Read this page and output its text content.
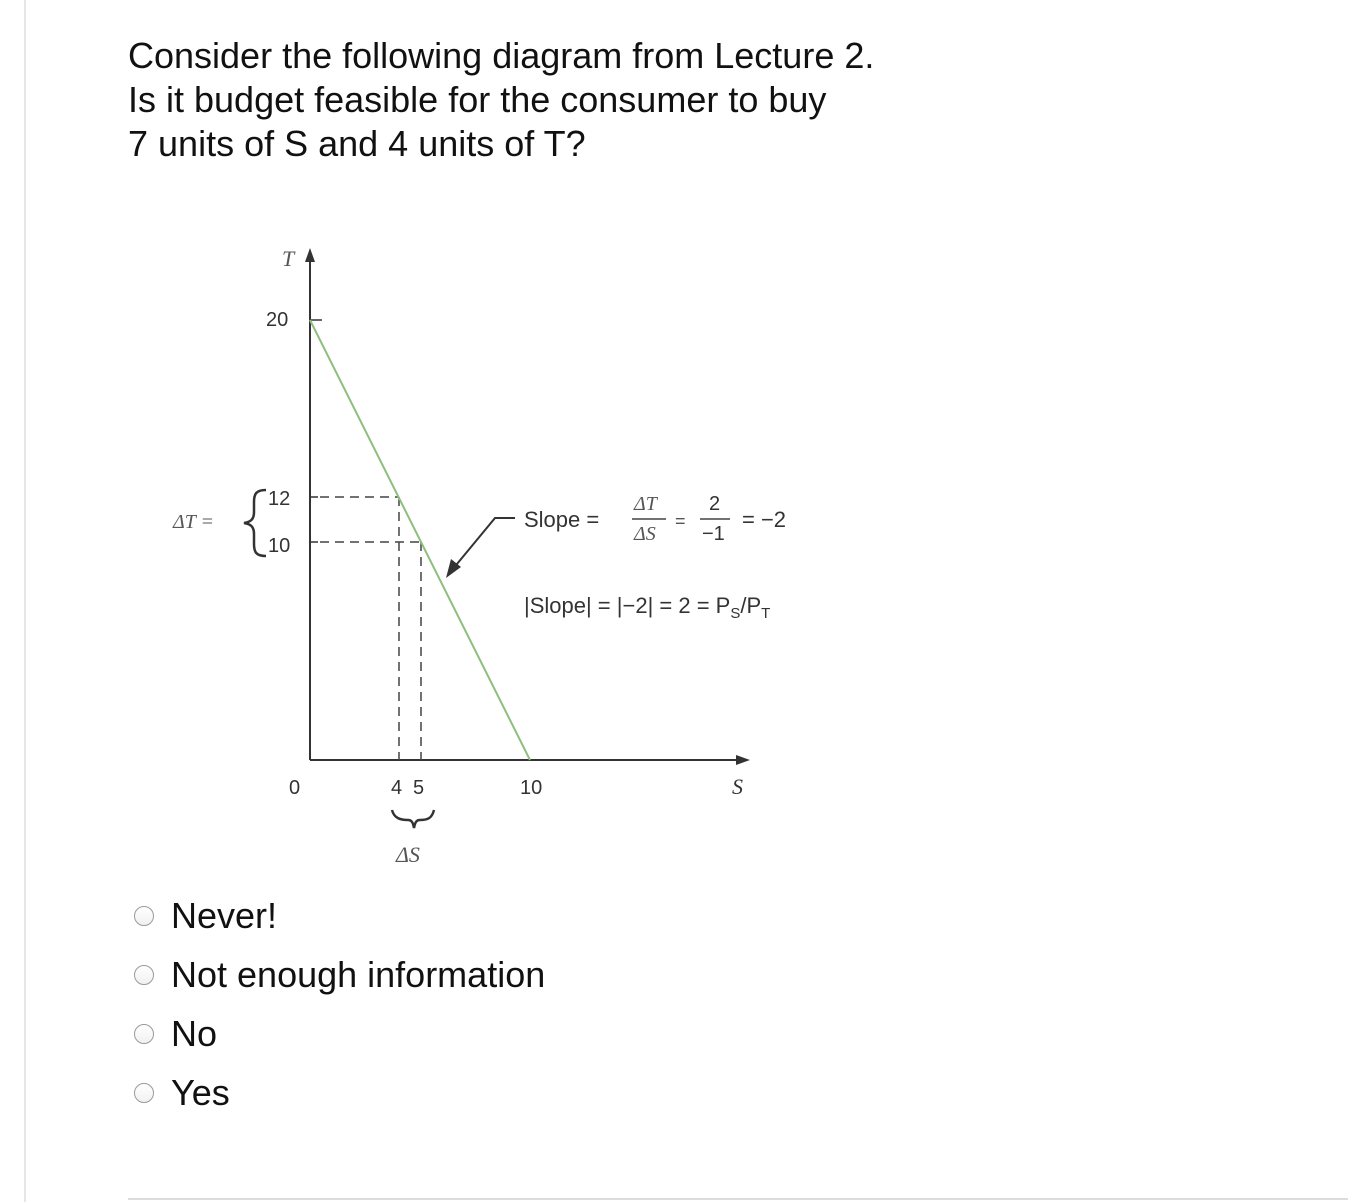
Consider the following diagram from Lecture 2.
Is it budget feasible for the consumer to buy
7 units of S and 4 units of T?
T
S
20
12
10
ΔT =
0	4 5	10
ΔS
Slope =
ΔT
ΔS
=
2
−1
= −2
|Slope| = $|-2| = 2 = P_S/P_T$
Never!
Not enough information
No
Yes
